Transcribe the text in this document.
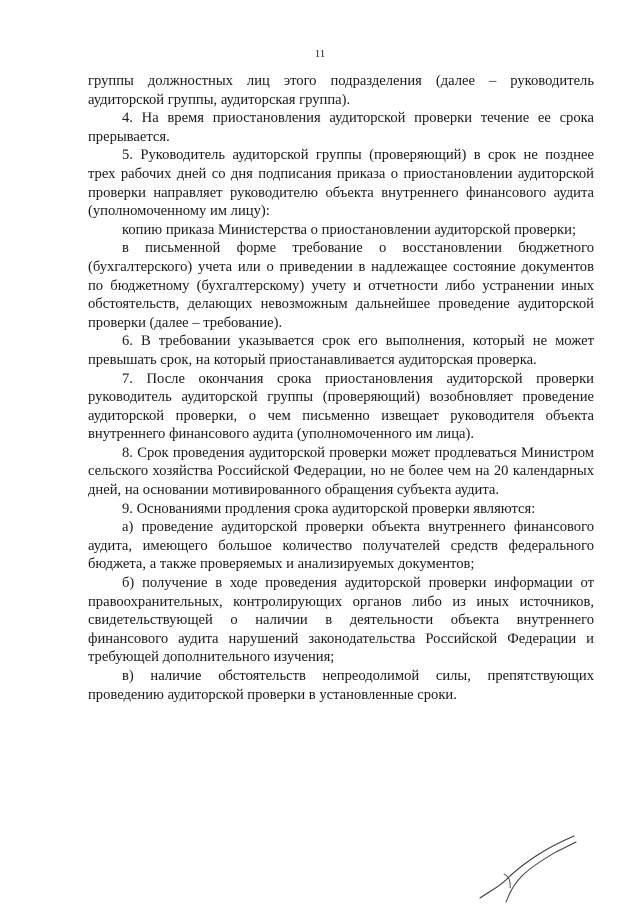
11

группы должностных лиц этого подразделения (далее – руководитель аудиторской группы, аудиторская группа).

4. На время приостановления аудиторской проверки течение ее срока прерывается.

5. Руководитель аудиторской группы (проверяющий) в срок не позднее трех рабочих дней со дня подписания приказа о приостановлении аудиторской проверки направляет руководителю объекта внутреннего финансового аудита (уполномоченному им лицу):

копию приказа Министерства о приостановлении аудиторской проверки;

в письменной форме требование о восстановлении бюджетного (бухгалтерского) учета или о приведении в надлежащее состояние документов по бюджетному (бухгалтерскому) учету и отчетности либо устранении иных обстоятельств, делающих невозможным дальнейшее проведение аудиторской проверки (далее – требование).

6. В требовании указывается срок его выполнения, который не может превышать срок, на который приостанавливается аудиторская проверка.

7. После окончания срока приостановления аудиторской проверки руководитель аудиторской группы (проверяющий) возобновляет проведение аудиторской проверки, о чем письменно извещает руководителя объекта внутреннего финансового аудита (уполномоченного им лица).

8. Срок проведения аудиторской проверки может продлеваться Министром сельского хозяйства Российской Федерации, но не более чем на 20 календарных дней, на основании мотивированного обращения субъекта аудита.

9. Основаниями продления срока аудиторской проверки являются:

а) проведение аудиторской проверки объекта внутреннего финансового аудита, имеющего большое количество получателей средств федерального бюджета, а также проверяемых и анализируемых документов;

б) получение в ходе проведения аудиторской проверки информации от правоохранительных, контролирующих органов либо из иных источников, свидетельствующей о наличии в деятельности объекта внутреннего финансового аудита нарушений законодательства Российской Федерации и требующей дополнительного изучения;

в) наличие обстоятельств непреодолимой силы, препятствующих проведению аудиторской проверки в установленные сроки.
